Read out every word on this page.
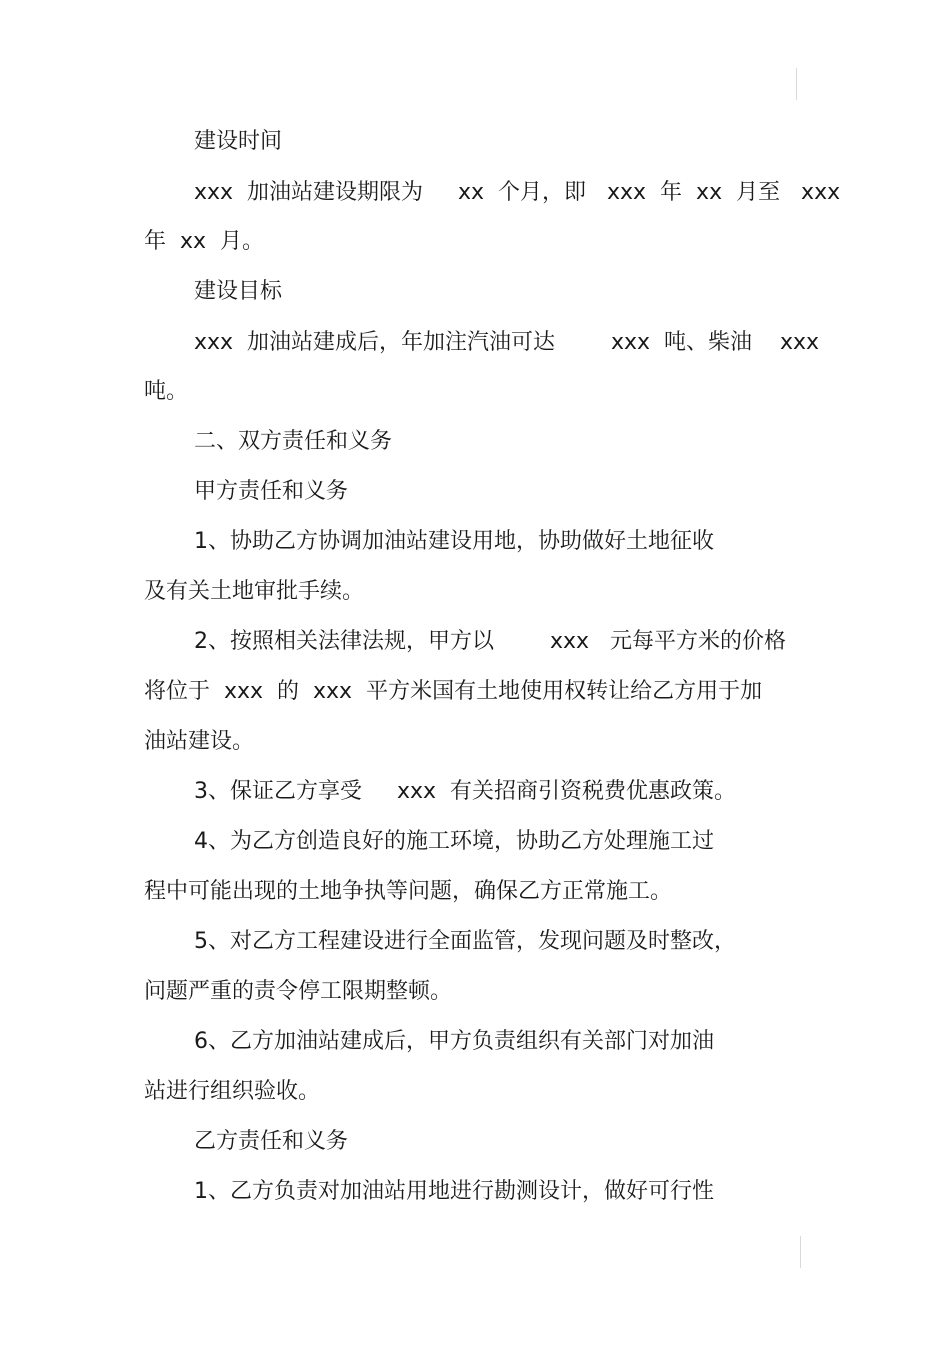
建设时间
xxx  加油站建设期限为     xx  个月，即   xxx  年  xx  月至   xxx
年  xx  月。
建设目标
xxx  加油站建成后，年加注汽油可达        xxx  吨、柴油    xxx
吨。
二、双方责任和义务
甲方责任和义务
1、协助乙方协调加油站建设用地，协助做好土地征收
及有关土地审批手续。
2、按照相关法律法规，甲方以        xxx   元每平方米的价格
将位于  xxx  的  xxx  平方米国有土地使用权转让给乙方用于加
油站建设。
3、保证乙方享受     xxx  有关招商引资税费优惠政策。
4、为乙方创造良好的施工环境，协助乙方处理施工过
程中可能出现的土地争执等问题，确保乙方正常施工。
5、对乙方工程建设进行全面监管，发现问题及时整改，
问题严重的责令停工限期整顿。
6、乙方加油站建成后，甲方负责组织有关部门对加油
站进行组织验收。
乙方责任和义务
1、乙方负责对加油站用地进行勘测设计，做好可行性
